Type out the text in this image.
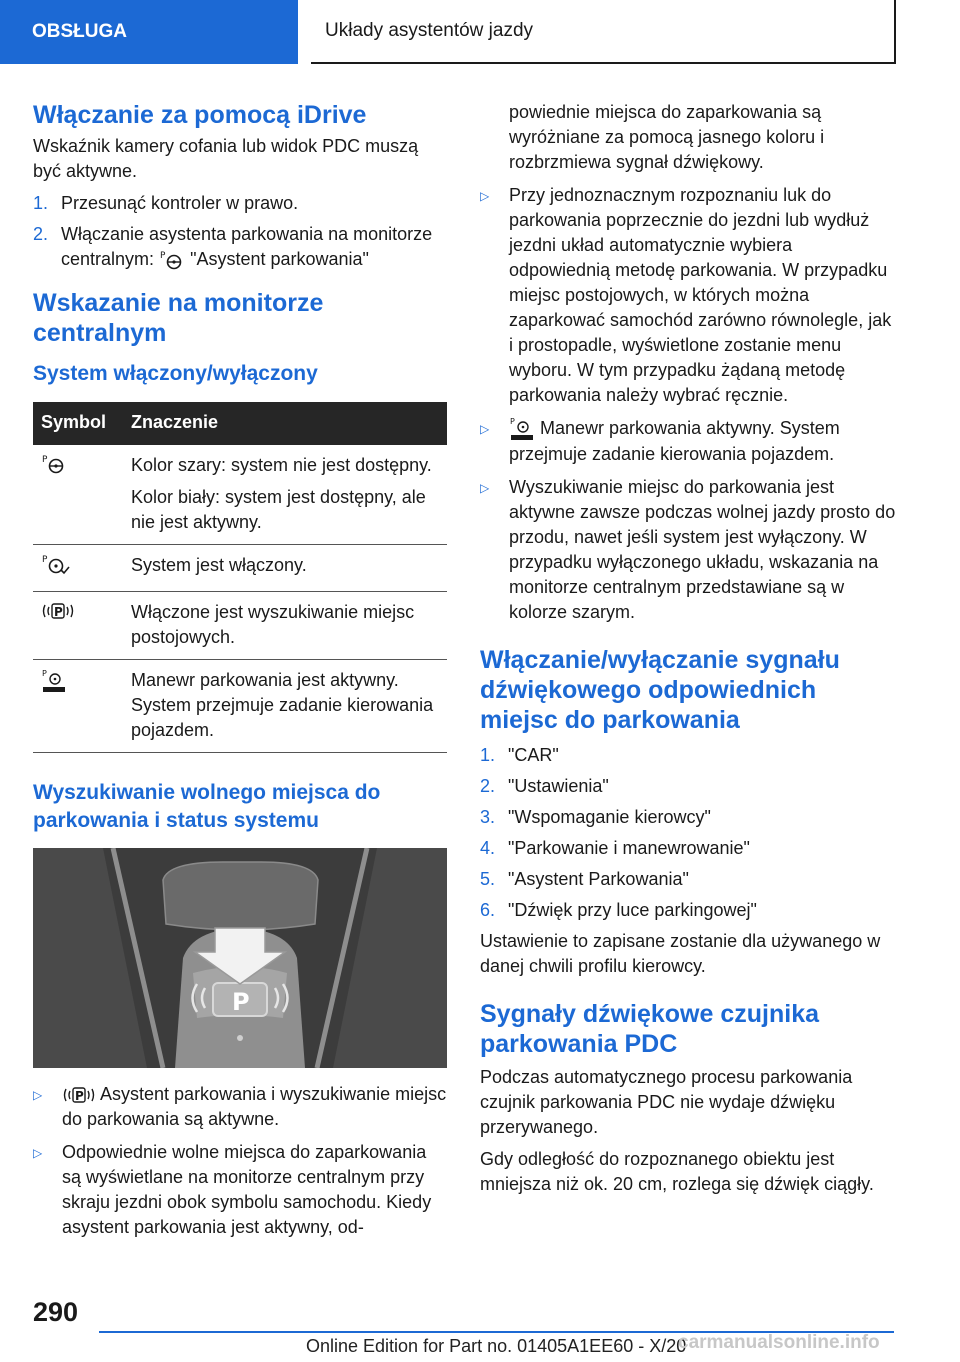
OBSŁUGA	Układy asystentów jazdy
Włączanie za pomocą iDrive

Wskaźnik kamery cofania lub widok PDC muszą być aktywne.

1. Przesunąć kontroler w prawo.
2. Włączanie asystenta parkowania na monitorze centralnym: P "Asystent parkowania"
Wskazanie na monitorze centralnym
System włączony/wyłączony
Symbol	Znaczenie

P	Kolor szary: system nie jest dostępny.

Kolor biały: system jest dostępny, ale nie jest aktywny.

P	System jest włączony.

P	Włączone jest wyszukiwanie miejsc postojowych.

P	Manewr parkowania jest aktywny. System przejmuje zadanie kierowania pojazdem.

Wyszukiwanie wolnego miejsca do parkowania i status systemu
P
▷	P Asystent parkowania i wyszukiwanie miejsc do parkowania są aktywne.
▷	Odpowiednie wolne miejsca do zaparkowania są wyświetlane na monitorze centralnym przy skraju jezdni obok symbolu samochodu. Kiedy asystent parkowania jest aktywny, od-

powiednie miejsca do zaparkowania są wyróżniane za pomocą jasnego koloru i rozbrzmiewa sygnał dźwiękowy.

▷	Przy jednoznacznym rozpoznaniu luk do parkowania poprzecznie do jezdni lub wydłuż jezdni układ automatycznie wybiera odpowiednią metodę parkowania. W przypadku miejsc postojowych, w których można zaparkować samochód zarówno równolegle, jak i prostopadle, wyświetlone zostanie menu wyboru. W tym przypadku żądaną metodę parkowania należy wybrać ręcznie.
▷
P Manewr parkowania aktywny. System przejmuje zadanie kierowania pojazdem.
▷	Wyszukiwanie miejsc do parkowania jest aktywne zawsze podczas wolnej jazdy prosto do przodu, nawet jeśli system jest wyłączony. W przypadku wyłączonego układu, wskazania na monitorze centralnym przedstawiane są w kolorze szarym.
Włączanie/wyłączanie sygnału dźwiękowego odpowiednich miejsc do parkowania
1. "CAR"
2. "Ustawienia"
3. "Wspomaganie kierowcy"
4. "Parkowanie i manewrowanie"
5. "Asystent Parkowania"
6. "Dźwięk przy luce parkingowej"

Ustawienie to zapisane zostanie dla używanego w danej chwili profilu kierowcy.

Sygnały dźwiękowe czujnika parkowania PDC

Podczas automatycznego procesu parkowania czujnik parkowania PDC nie wydaje dźwięku przerywanego.

Gdy odległość do rozpoznanego obiektu jest mniejsza niż ok. 20 cm, rozlega się dźwięk ciągły.

290
Online Edition for Part no. 01405A1EE60 - X/20
carmanualsonline.info
